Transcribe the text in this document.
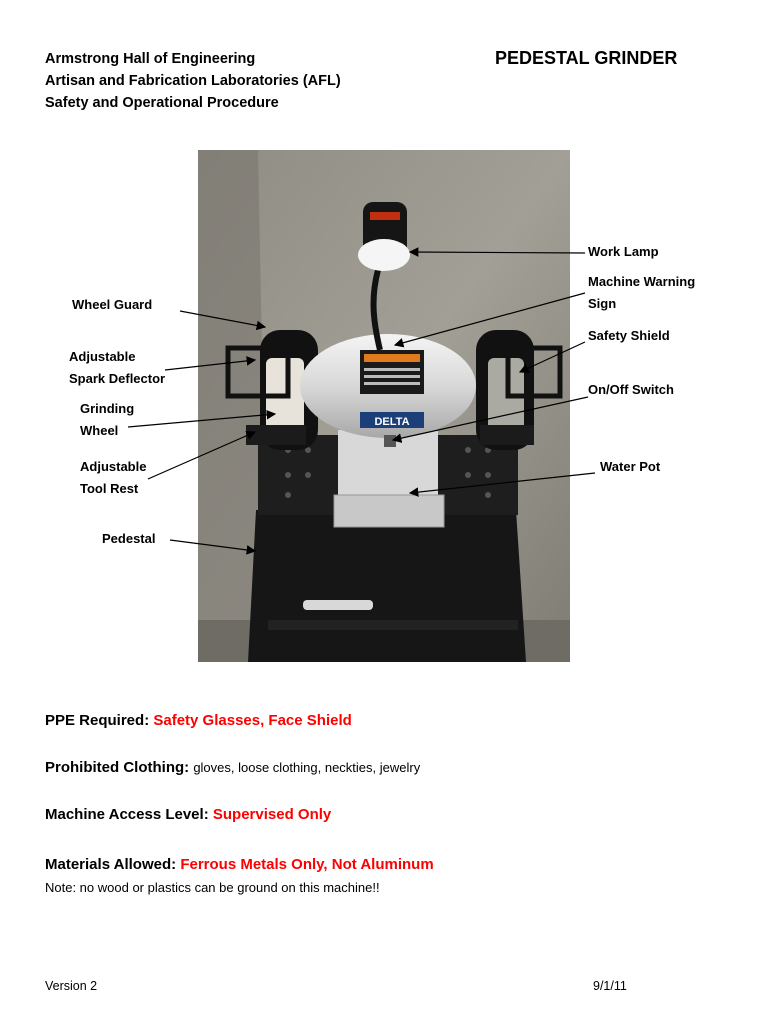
Armstrong Hall of Engineering
Artisan and Fabrication Laboratories (AFL)
Safety and Operational Procedure
PEDESTAL GRINDER
DELTA
Work Lamp
Machine Warning
Sign
Safety Shield
On/Off Switch
Water Pot
Wheel Guard
Adjustable
Spark Deflector
Grinding
Wheel
Adjustable
Tool Rest
Pedestal
PPE Required: Safety Glasses, Face Shield
Prohibited Clothing: gloves, loose clothing, neckties, jewelry
Machine Access Level: Supervised Only
Materials Allowed: Ferrous Metals Only, Not Aluminum
Note: no wood or plastics can be ground on this machine!!
Version 2	9/1/11
